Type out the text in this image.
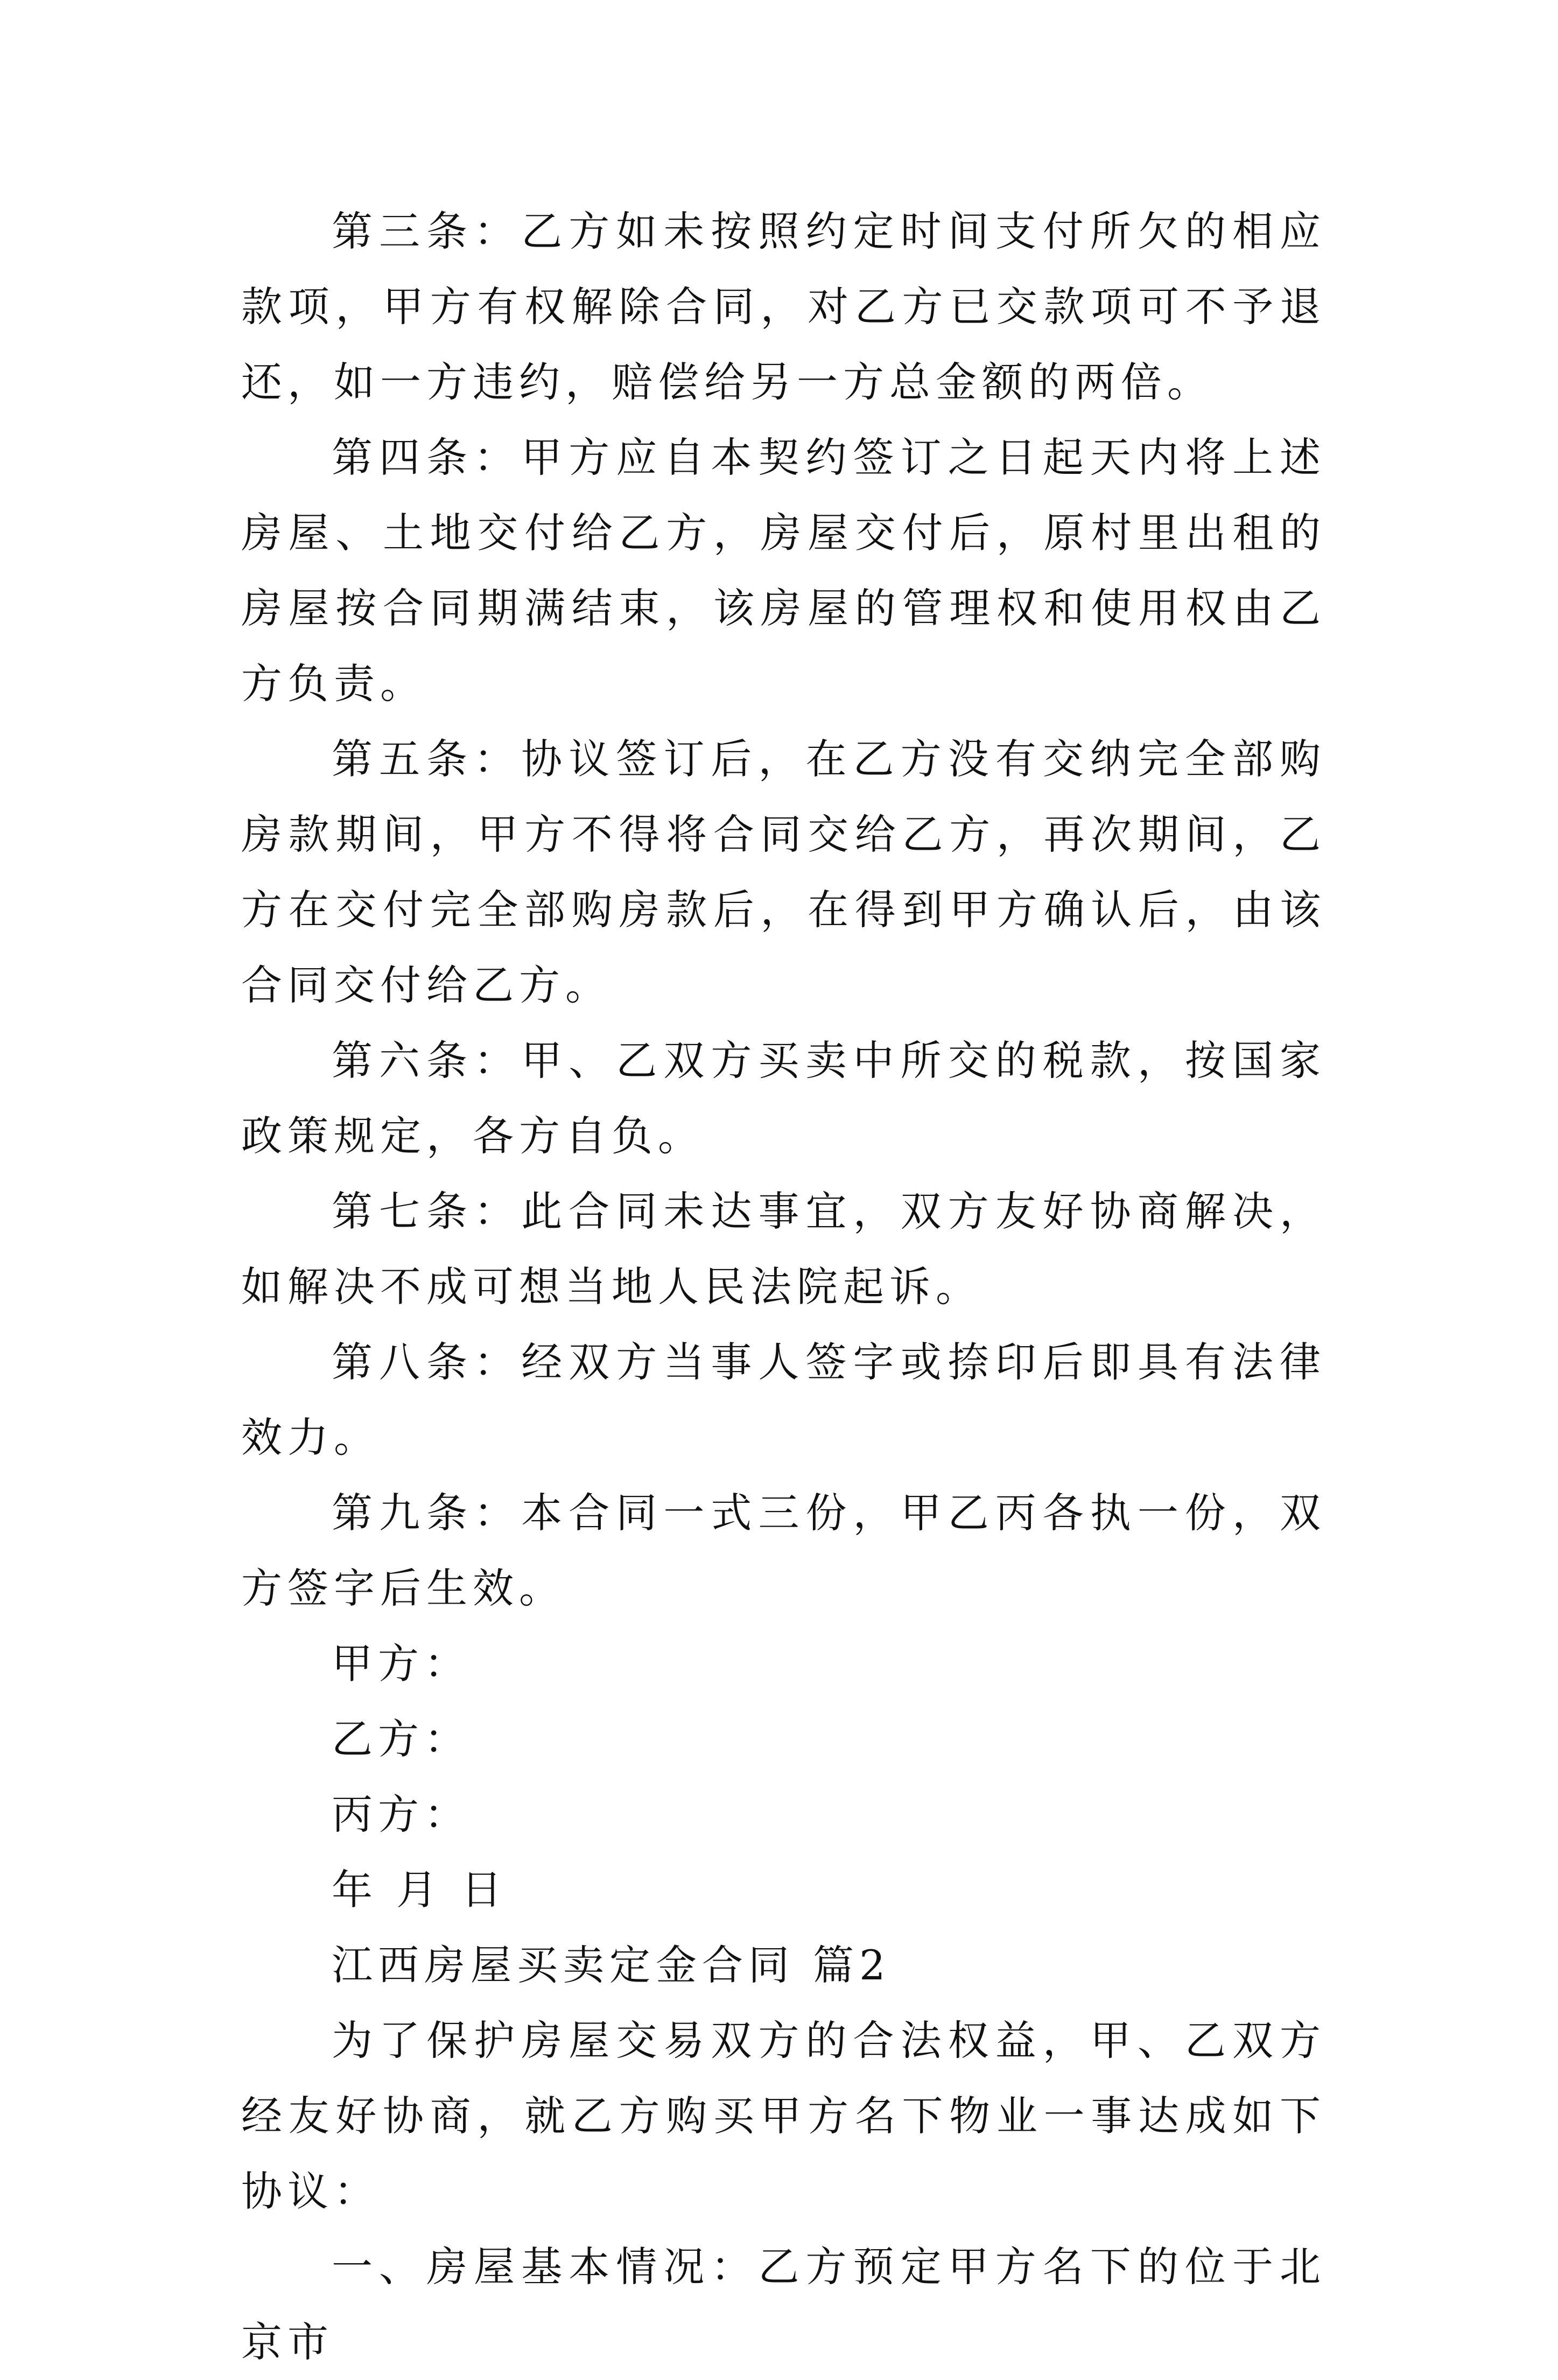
第三条：乙方如未按照约定时间支付所欠的相应款项，甲方有权解除合同，对乙方已交款项可不予退还，如一方违约，赔偿给另一方总金额的两倍。

第四条：甲方应自本契约签订之日起天内将上述房屋、土地交付给乙方，房屋交付后，原村里出租的房屋按合同期满结束，该房屋的管理权和使用权由乙方负责。

第五条：协议签订后，在乙方没有交纳完全部购房款期间，甲方不得将合同交给乙方，再次期间，乙方在交付完全部购房款后，在得到甲方确认后，由该合同交付给乙方。

第六条：甲、乙双方买卖中所交的税款，按国家政策规定，各方自负。

第七条：此合同未达事宜，双方友好协商解决，如解决不成可想当地人民法院起诉。

第八条：经双方当事人签字或捺印后即具有法律效力。

第九条：本合同一式三份，甲乙丙各执一份，双方签字后生效。

甲方：

乙方：

丙方：

年 月 日

江西房屋买卖定金合同 篇2

为了保护房屋交易双方的合法权益，甲、乙双方经友好协商，就乙方购买甲方名下物业一事达成如下协议：

一、房屋基本情况：乙方预定甲方名下的位于北京市
